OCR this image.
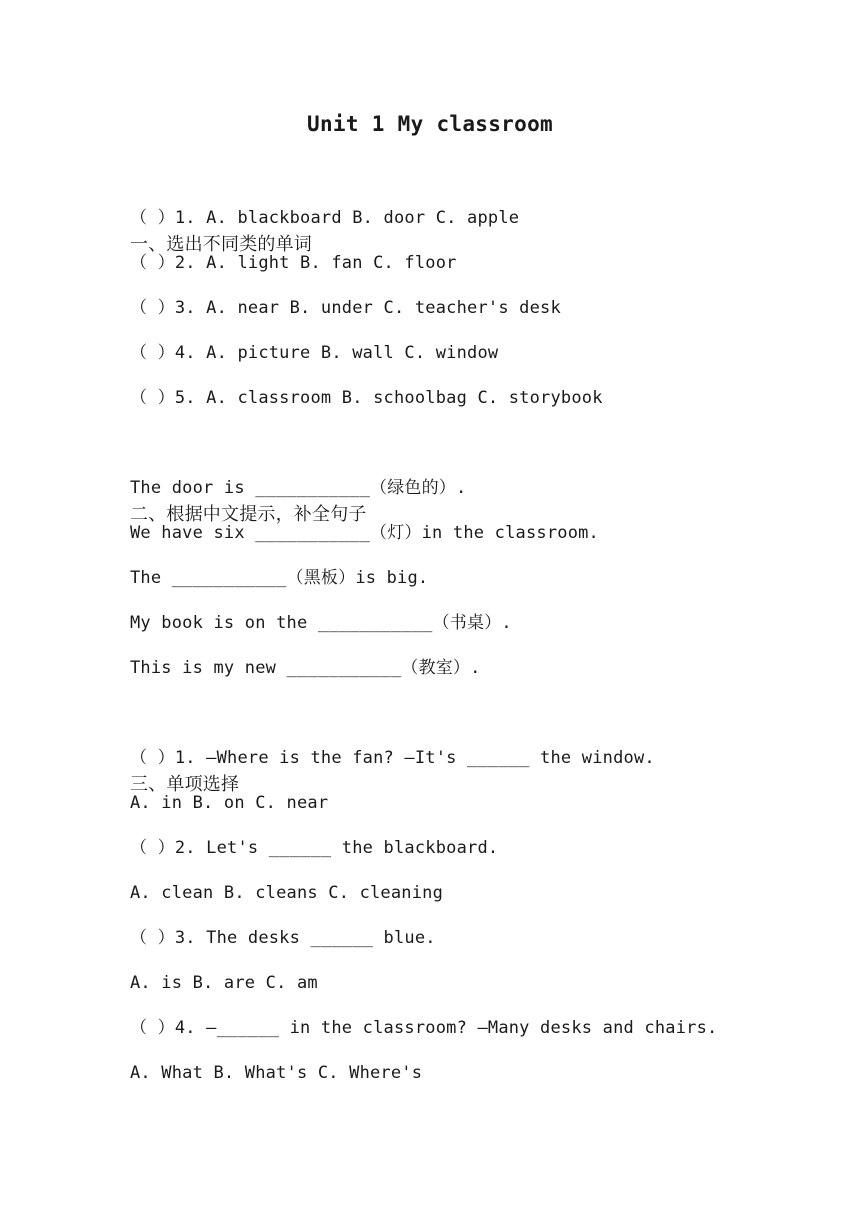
Unit 1 My classroom

一、选出不同类的单词

（ ）1. A. blackboard B. door C. apple
（ ）2. A. light B. fan C. floor
（ ）3. A. near B. under C. teacher's desk
（ ）4. A. picture B. wall C. window
（ ）5. A. classroom B. schoolbag C. storybook

二、根据中文提示，补全句子

The door is ___________（绿色的）.
We have six ___________（灯）in the classroom.
The ___________（黑板）is big.
My book is on the ___________（书桌）.
This is my new ___________（教室）.

三、单项选择

（ ）1. —Where is the fan? —It's ______ the window.
A. in B. on C. near
（ ）2. Let's ______ the blackboard.
A. clean B. cleans C. cleaning
（ ）3. The desks ______ blue.
A. is B. are C. am
（ ）4. —______ in the classroom? —Many desks and chairs.
A. What B. What's C. Where's
